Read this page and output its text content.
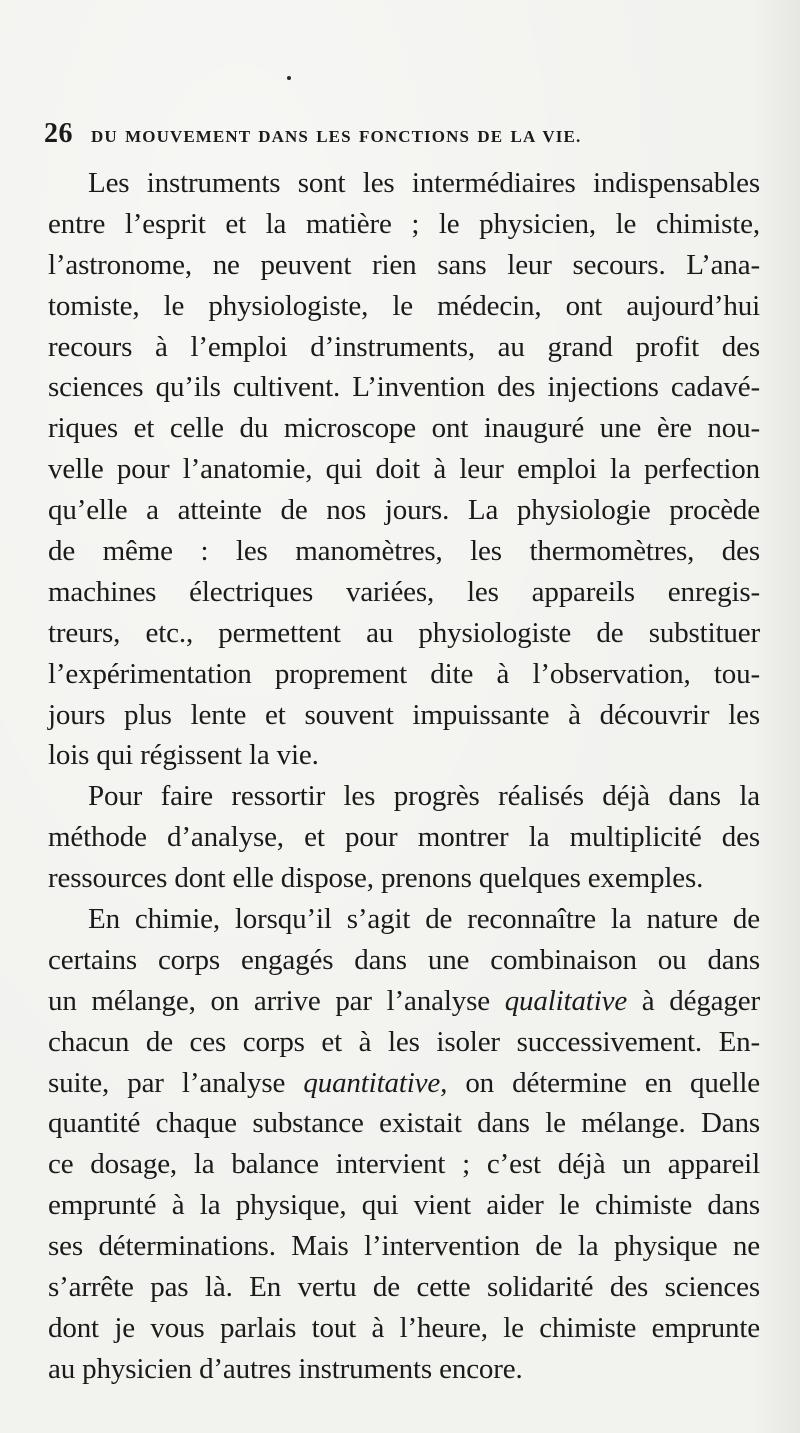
26 DU MOUVEMENT DANS LES FONCTIONS DE LA VIE.
Les instruments sont les intermédiaires indispensables
entre l’esprit et la matière ; le physicien, le chimiste,
l’astronome, ne peuvent rien sans leur secours. L’ana-
tomiste, le physiologiste, le médecin, ont aujourd’hui
recours à l’emploi d’instruments, au grand profit des
sciences qu’ils cultivent. L’invention des injections cadavé-
riques et celle du microscope ont inauguré une ère nou-
velle pour l’anatomie, qui doit à leur emploi la perfection
qu’elle a atteinte de nos jours. La physiologie procède
de même : les manomètres, les thermomètres, des
machines électriques variées, les appareils enregis-
treurs, etc., permettent au physiologiste de substituer
l’expérimentation proprement dite à l’observation, tou-
jours plus lente et souvent impuissante à découvrir les
lois qui régissent la vie.
Pour faire ressortir les progrès réalisés déjà dans la
méthode d’analyse, et pour montrer la multiplicité des
ressources dont elle dispose, prenons quelques exemples.
En chimie, lorsqu’il s’agit de reconnaître la nature de
certains corps engagés dans une combinaison ou dans
un mélange, on arrive par l’analyse qualitative à dégager
chacun de ces corps et à les isoler successivement. En-
suite, par l’analyse quantitative, on détermine en quelle
quantité chaque substance existait dans le mélange. Dans
ce dosage, la balance intervient ; c’est déjà un appareil
emprunté à la physique, qui vient aider le chimiste dans
ses déterminations. Mais l’intervention de la physique ne
s’arrête pas là. En vertu de cette solidarité des sciences
dont je vous parlais tout à l’heure, le chimiste emprunte
au physicien d’autres instruments encore.
